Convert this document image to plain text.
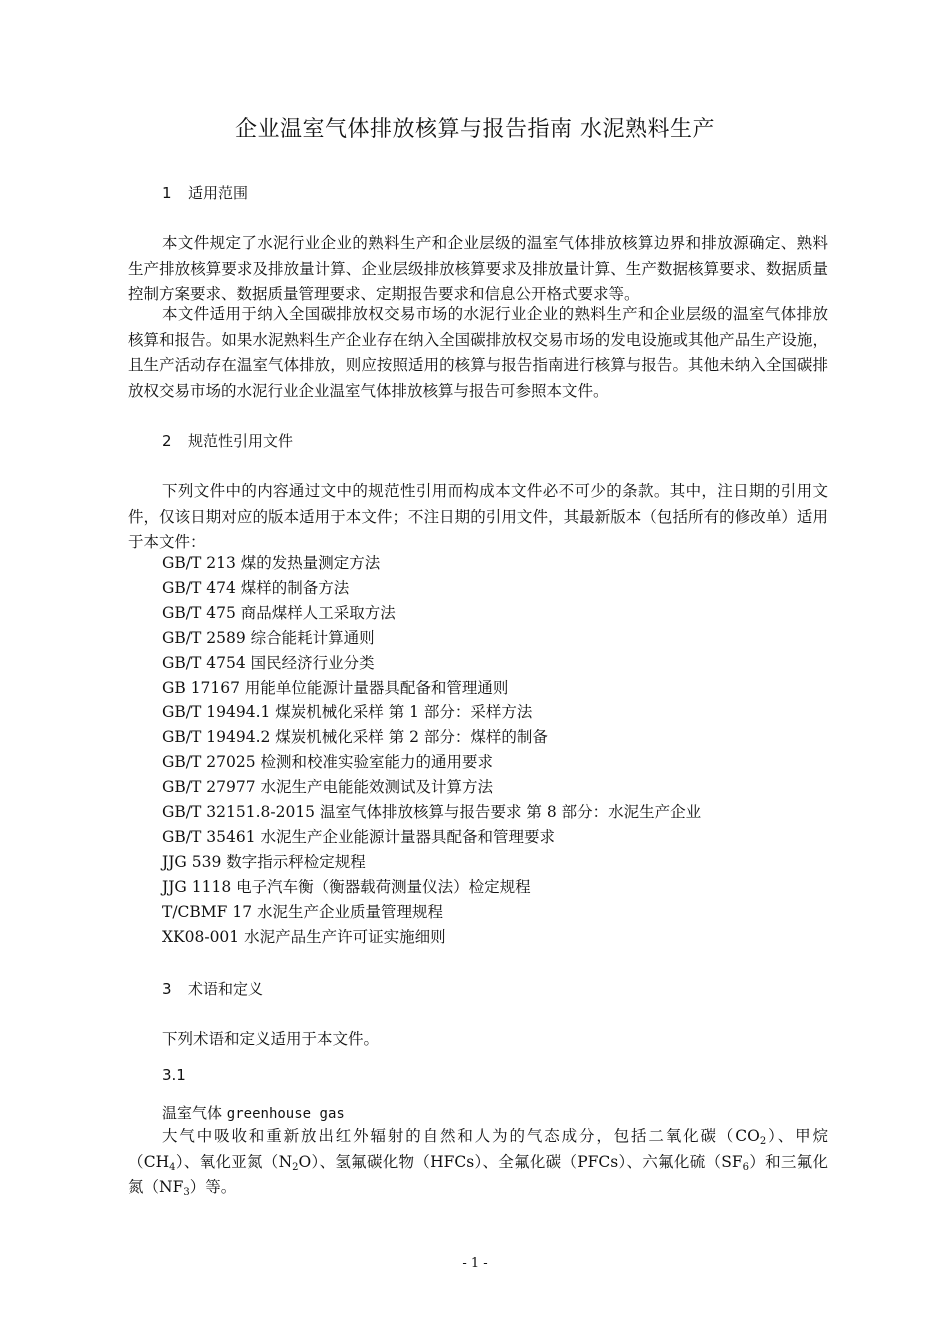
企业温室气体排放核算与报告指南 水泥熟料生产
1 适用范围

本文件规定了水泥行业企业的熟料生产和企业层级的温室气体排放核算边界和排放源确定、熟料生产排放核算要求及排放量计算、企业层级排放核算要求及排放量计算、生产数据核算要求、数据质量控制方案要求、数据质量管理要求、定期报告要求和信息公开格式要求等。

本文件适用于纳入全国碳排放权交易市场的水泥行业企业的熟料生产和企业层级的温室气体排放核算和报告。如果水泥熟料生产企业存在纳入全国碳排放权交易市场的发电设施或其他产品生产设施，且生产活动存在温室气体排放，则应按照适用的核算与报告指南进行核算与报告。其他未纳入全国碳排放权交易市场的水泥行业企业温室气体排放核算与报告可参照本文件。

2 规范性引用文件

下列文件中的内容通过文中的规范性引用而构成本文件必不可少的条款。其中，注日期的引用文件，仅该日期对应的版本适用于本文件；不注日期的引用文件，其最新版本（包括所有的修改单）适用于本文件：

GB/T 213 煤的发热量测定方法
GB/T 474 煤样的制备方法
GB/T 475 商品煤样人工采取方法
GB/T 2589 综合能耗计算通则
GB/T 4754 国民经济行业分类
GB 17167 用能单位能源计量器具配备和管理通则
GB/T 19494.1 煤炭机械化采样 第 1 部分：采样方法
GB/T 19494.2 煤炭机械化采样 第 2 部分：煤样的制备
GB/T 27025 检测和校准实验室能力的通用要求
GB/T 27977 水泥生产电能能效测试及计算方法
GB/T 32151.8-2015 温室气体排放核算与报告要求 第 8 部分：水泥生产企业
GB/T 35461 水泥生产企业能源计量器具配备和管理要求
JJG 539 数字指示秤检定规程
JJG 1118 电子汽车衡（衡器载荷测量仪法）检定规程
T/CBMF 17 水泥生产企业质量管理规程
XK08-001 水泥产品生产许可证实施细则
3 术语和定义
下列术语和定义适用于本文件。
3.1
温室气体 greenhouse gas

大气中吸收和重新放出红外辐射的自然和人为的气态成分，包括二氧化碳$(CO_2)$、甲烷$(CH_4)$、氧化亚氮$(N_2O)$、氢氟碳化物（HFCs）、全氟化碳（PFCs）、六氟化硫$(SF_6)$和三氟化氮$(NF_3)$等。

- 1 -
